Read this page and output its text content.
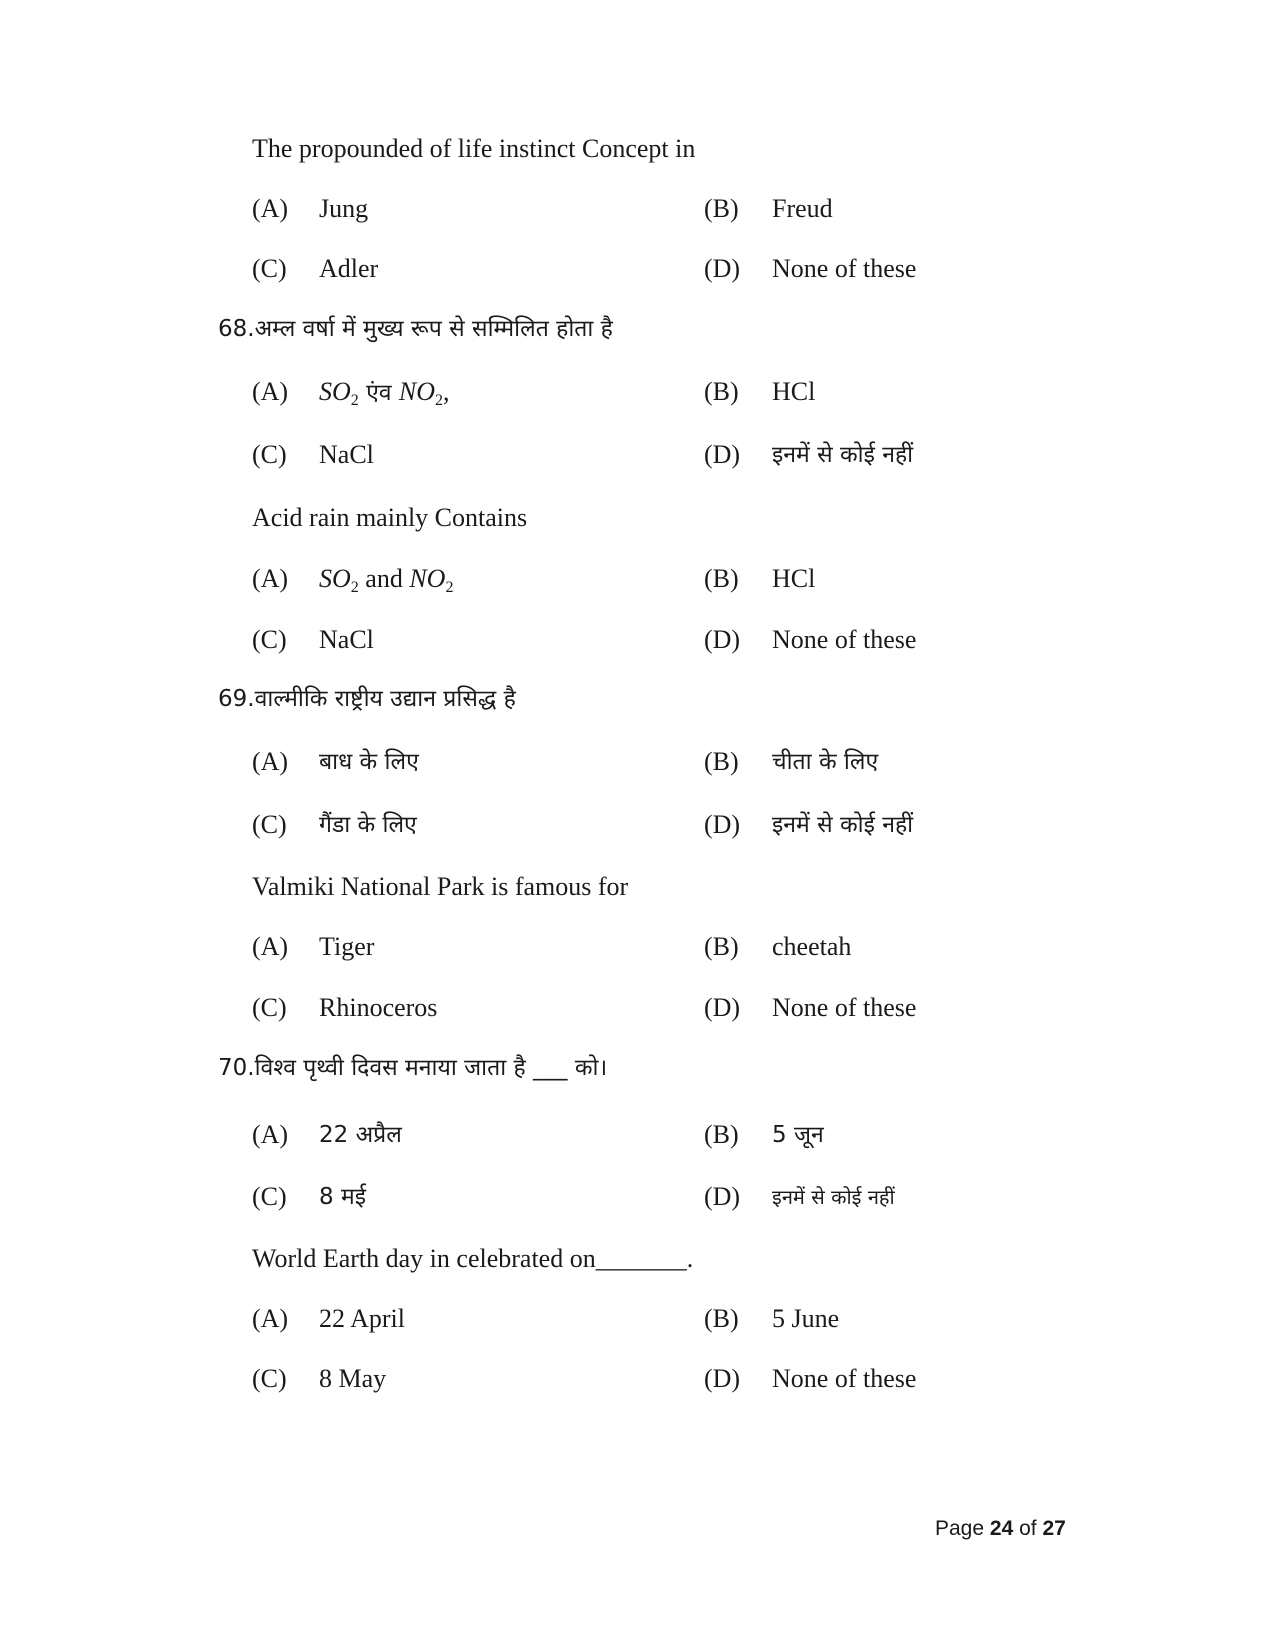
The propounded of life instinct Concept in
(A) Jung	(B) Freud
(C) Adler	(D) None of these
68.अम्ल वर्षा में मुख्य रूप से सम्मिलित होता है
(A) $SO_2$ एंव $NO_2$,	(B) HCl
(C) NaCl	(D) इनमें से कोई नहीं
Acid rain mainly Contains
(A) $SO_2$ and $NO_2$	(B) HCl
(C) NaCl	(D) None of these
69.वाल्मीकि राष्ट्रीय उद्यान प्रसिद्ध है
(A) बाध के लिए	(B) चीता के लिए
(C) गैंडा के लिए	(D) इनमें से कोई नहीं
Valmiki National Park is famous for
(A) Tiger	(B) cheetah
(C) Rhinoceros	(D) None of these
70.विश्व पृथ्वी दिवस मनाया जाता है ___ को।
(A) 22 अप्रैल	(B) 5 जून
(C) 8 मई	(D) इनमें से कोई नहीं
World Earth day in celebrated on_______.
(A) 22 April	(B) 5 June
(C) 8 May	(D) None of these
Page 24 of 27
